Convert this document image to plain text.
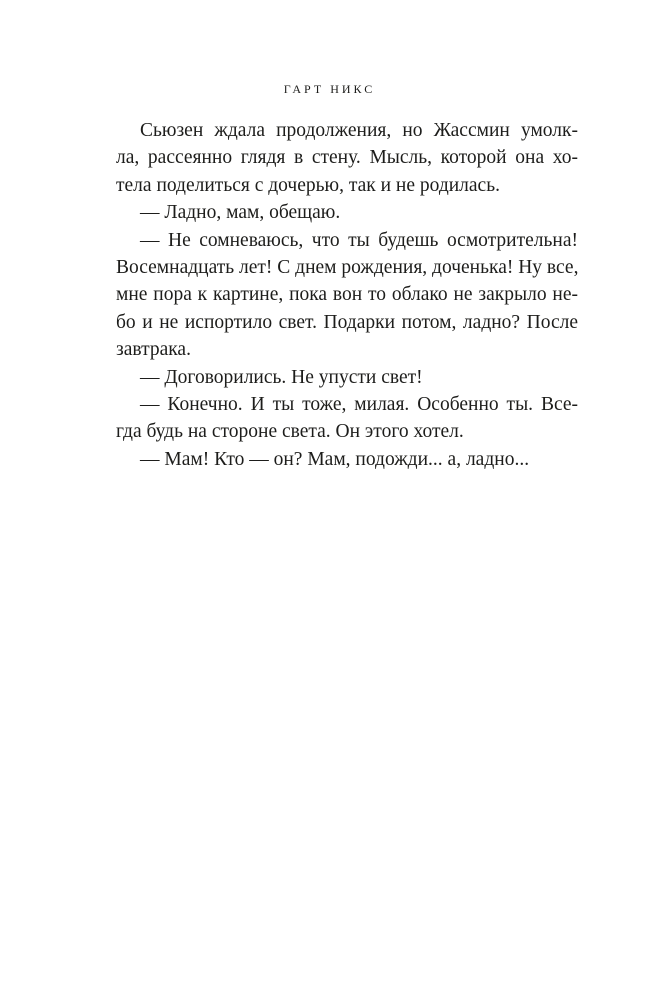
ГАРТ НИКС
Сьюзен ждала продолжения, но Жассмин умолк-
ла, рассеянно глядя в стену. Мысль, которой она хо-
тела поделиться с дочерью, так и не родилась.
— Ладно, мам, обещаю.
— Не сомневаюсь, что ты будешь осмотрительна!
Восемнадцать лет! С днем рождения, доченька! Ну все,
мне пора к картине, пока вон то облако не закрыло не-
бо и не испортило свет. Подарки потом, ладно? После
завтрака.
— Договорились. Не упусти свет!
— Конечно. И ты тоже, милая. Особенно ты. Все-
гда будь на стороне света. Он этого хотел.
— Мам! Кто — он? Мам, подожди... а, ладно...
